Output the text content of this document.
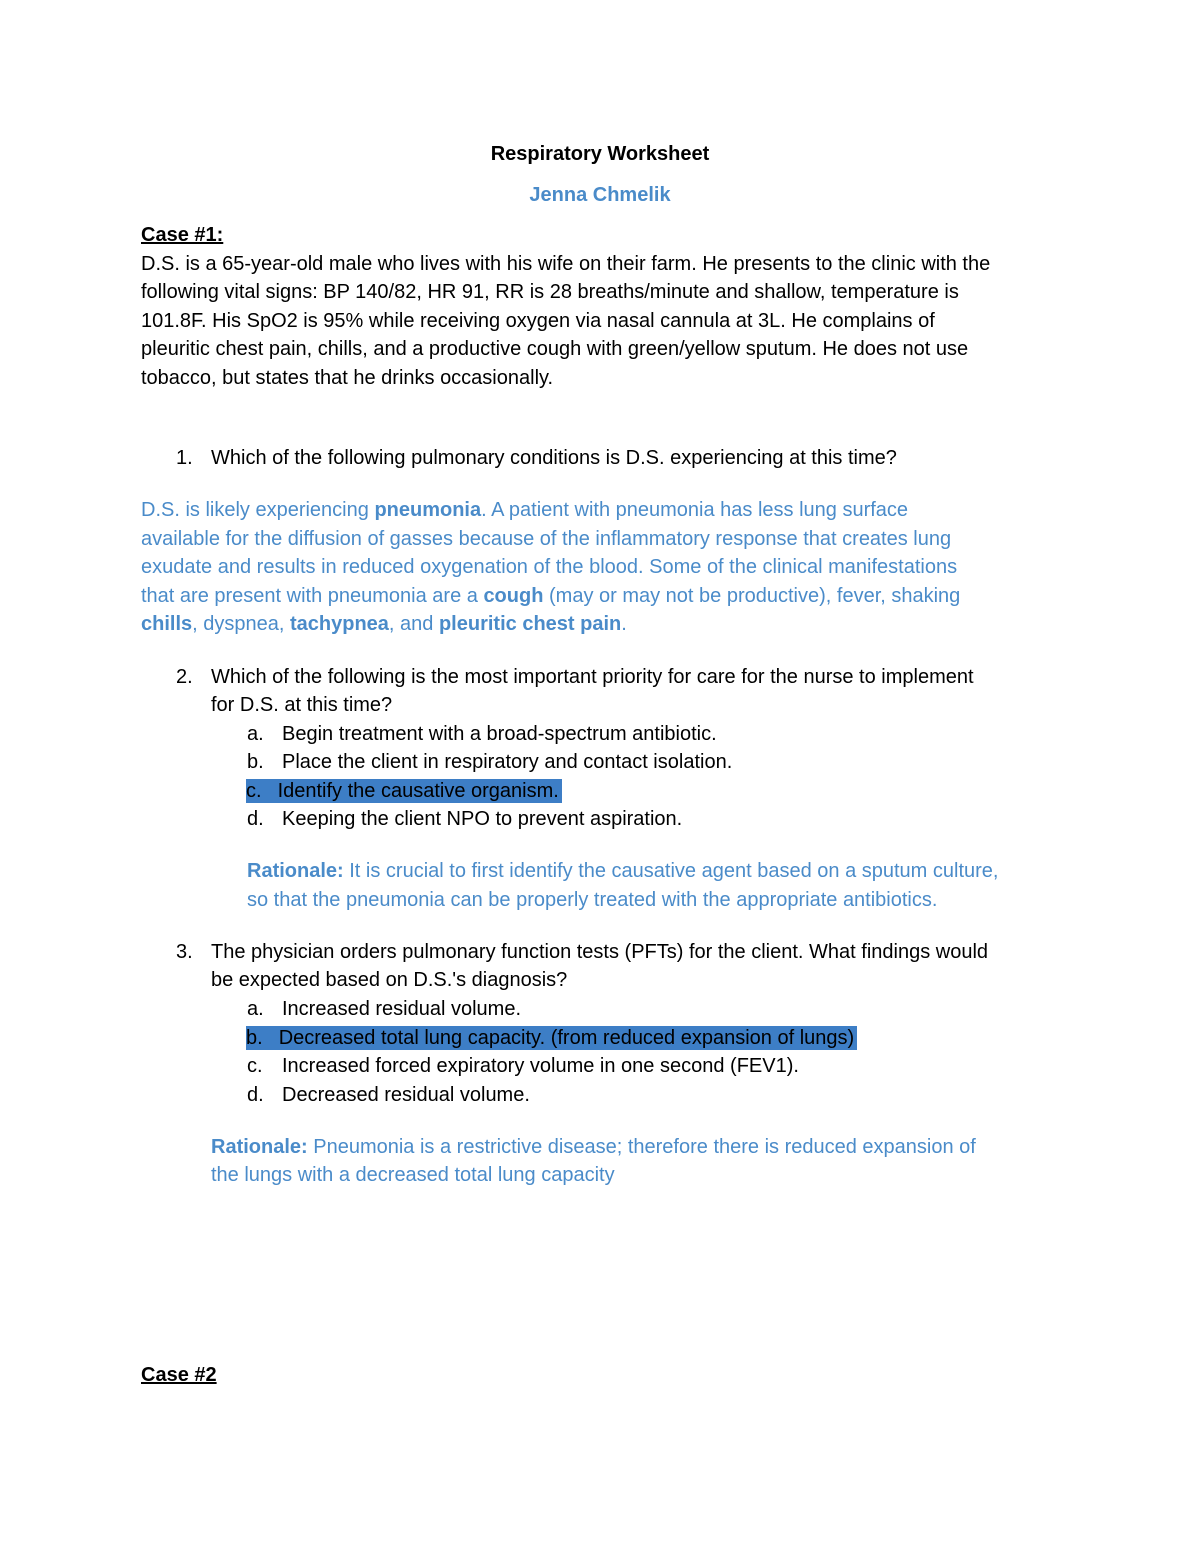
Respiratory Worksheet
Jenna Chmelik
Case #1:
D.S. is a 65-year-old male who lives with his wife on their farm. He presents to the clinic with the
following vital signs: BP 140/82, HR 91, RR is 28 breaths/minute and shallow, temperature is
101.8F. His SpO2 is 95% while receiving oxygen via nasal cannula at 3L. He complains of
pleuritic chest pain, chills, and a productive cough with green/yellow sputum. He does not use
tobacco, but states that he drinks occasionally.
1. Which of the following pulmonary conditions is D.S. experiencing at this time?
D.S. is likely experiencing pneumonia. A patient with pneumonia has less lung surface
available for the diffusion of gasses because of the inflammatory response that creates lung
exudate and results in reduced oxygenation of the blood. Some of the clinical manifestations
that are present with pneumonia are a cough (may or may not be productive), fever, shaking
chills, dyspnea, tachypnea, and pleuritic chest pain.
2. Which of the following is the most important priority for care for the nurse to implement
for D.S. at this time?
a. Begin treatment with a broad-spectrum antibiotic.
b. Place the client in respiratory and contact isolation.
c. Identify the causative organism.
d. Keeping the client NPO to prevent aspiration.
Rationale: It is crucial to first identify the causative agent based on a sputum culture,
so that the pneumonia can be properly treated with the appropriate antibiotics.
3. The physician orders pulmonary function tests (PFTs) for the client. What findings would
be expected based on D.S.'s diagnosis?
a. Increased residual volume.
b. Decreased total lung capacity. (from reduced expansion of lungs)
c. Increased forced expiratory volume in one second (FEV1).
d. Decreased residual volume.
Rationale: Pneumonia is a restrictive disease; therefore there is reduced expansion of
the lungs with a decreased total lung capacity
Case #2
